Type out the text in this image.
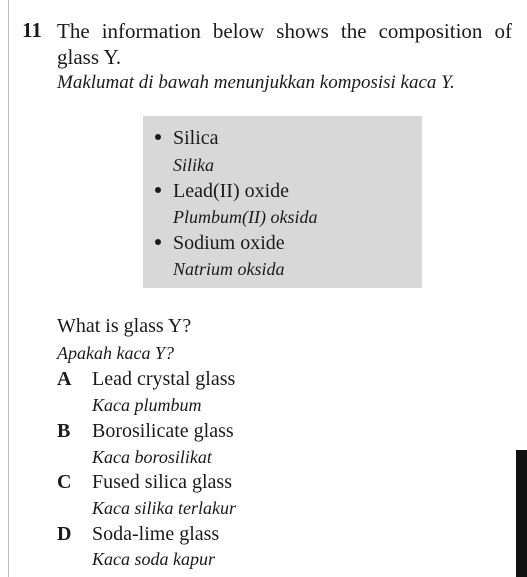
11 The information below shows the composition of glass Y.
Maklumat di bawah menunjukkan komposisi kaca Y.
Silica
Silika
Lead(II) oxide
Plumbum(II) oksida
Sodium oxide
Natrium oksida
What is glass Y?
Apakah kaca Y?
A Lead crystal glass
Kaca plumbum
B Borosilicate glass
Kaca borosilikat
C Fused silica glass
Kaca silika terlakur
D Soda-lime glass
Kaca soda kapur
